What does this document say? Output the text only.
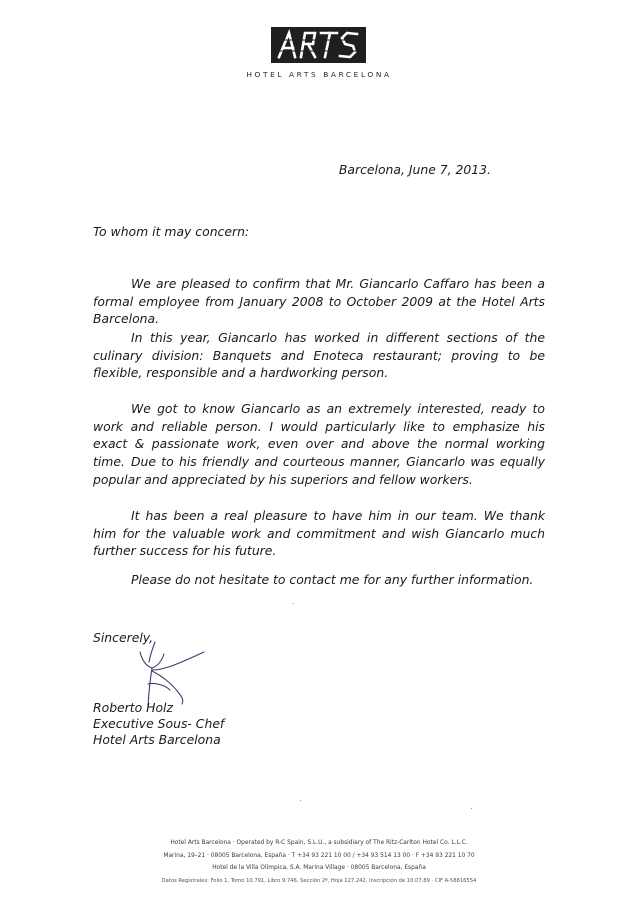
HOTEL ARTS BARCELONA
Barcelona, June 7, 2013.
To whom it may concern:

We are pleased to confirm that Mr. Giancarlo Caffaro has been a formal employee from January 2008 to October 2009 at the Hotel Arts Barcelona.

In this year, Giancarlo has worked in different sections of the culinary division: Banquets and Enoteca restaurant; proving to be flexible, responsible and a hardworking person.

We got to know Giancarlo as an extremely interested, ready to work and reliable person. I would particularly like to emphasize his exact & passionate work, even over and above the normal working time. Due to his friendly and courteous manner, Giancarlo was equally popular and appreciated by his superiors and fellow workers.

It has been a real pleasure to have him in our team. We thank him for the valuable work and commitment and wish Giancarlo much further success for his future.

Please do not hesitate to contact me for any further information.

Sincerely,
Roberto Holz
Executive Sous- Chef
Hotel Arts Barcelona
Hotel Arts Barcelona · Operated by R-C Spain, S.L.U., a subsidiary of The Ritz-Carlton Hotel Co. L.L.C.
Marina, 19–21 · 08005 Barcelona, España · T +34 93 221 10 00 / +34 93 514 13 00 · F +34 93 221 10 70
Hotel de la Villa Olímpica, S.A. Marina Village · 08005 Barcelona, España
Datos Registrales: Folio 1, Tomo 10.791, Libro 9.746, Sección 2ª, Hoja 127.242, Inscripción de 10.07.89 · CIF A-58816554
